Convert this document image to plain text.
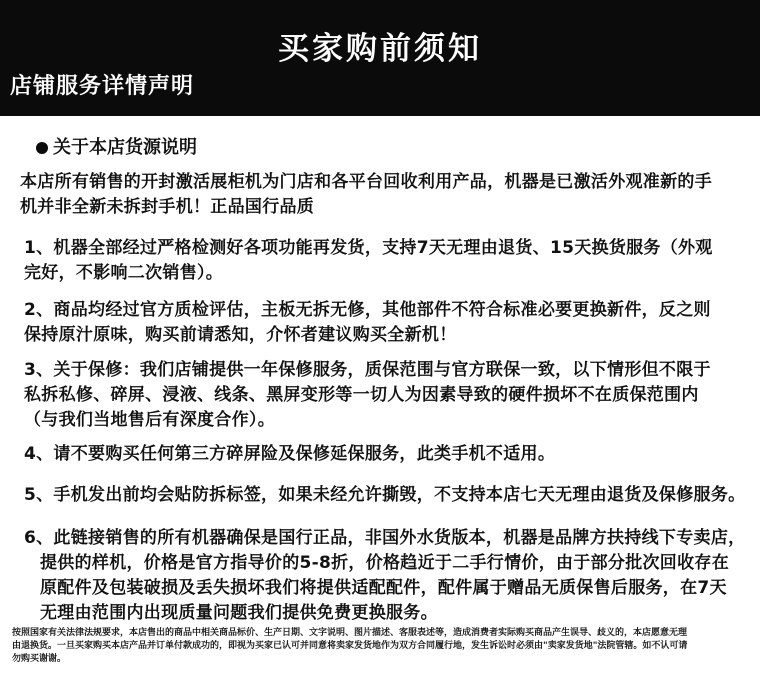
买家购前须知
店铺服务详情声明
关于本店货源说明
本店所有销售的开封激活展柜机为门店和各平台回收利用产品，机器是已激活外观准新的手
机并非全新未拆封手机！正品国行品质
1、机器全部经过严格检测好各项功能再发货，支持7天无理由退货、15天换货服务（外观
完好，不影响二次销售）。
2、商品均经过官方质检评估，主板无拆无修，其他部件不符合标准必要更换新件，反之则
保持原汁原味，购买前请悉知，介怀者建议购买全新机！
3、关于保修：我们店铺提供一年保修服务，质保范围与官方联保一致，以下情形但不限于
私拆私修、碎屏、浸液、线条、黑屏变形等一切人为因素导致的硬件损坏不在质保范围内
（与我们当地售后有深度合作）。
4、请不要购买任何第三方碎屏险及保修延保服务，此类手机不适用。
5、手机发出前均会贴防拆标签，如果未经允许撕毁，不支持本店七天无理由退货及保修服务。
6、此链接销售的所有机器确保是国行正品，非国外水货版本，机器是品牌方扶持线下专卖店，
提供的样机，价格是官方指导价的5-8折，价格趋近于二手行情价，由于部分批次回收存在
原配件及包装破损及丢失损坏我们将提供适配配件，配件属于赠品无质保售后服务，在7天
无理由范围内出现质量问题我们提供免费更换服务。
按照国家有关法律法规要求，本店售出的商品中相关商品标价、生产日期、文字说明、图片描述、客服表述等，造成消费者实际购买商品产生误导、歧义的，本店愿意无理
由退换货。一旦买家购买本店产品并订单付款成功的，即视为买家已认可并同意将卖家发货地作为双方合同履行地，发生诉讼时必须由"卖家发货地"法院管辖。如不认可请
勿购买谢谢。
